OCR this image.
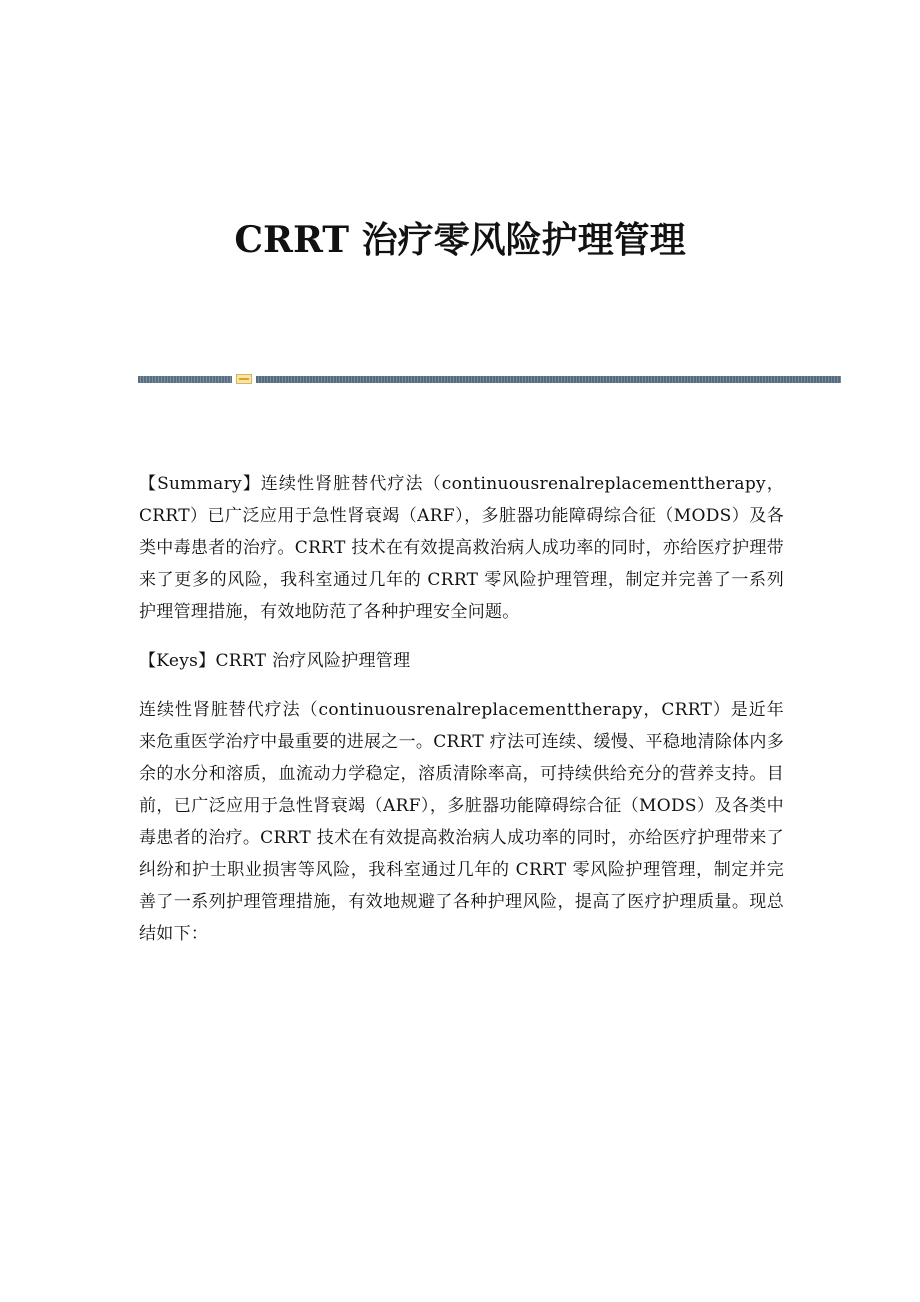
CRRT 治疗零风险护理管理

【Summary】连续性肾脏替代疗法（continuousrenalreplacementtherapy，CRRT）已广泛应用于急性肾衰竭（ARF），多脏器功能障碍综合征（MODS）及各类中毒患者的治疗。CRRT 技术在有效提高救治病人成功率的同时，亦给医疗护理带来了更多的风险，我科室通过几年的 CRRT 零风险护理管理，制定并完善了一系列护理管理措施，有效地防范了各种护理安全问题。

【Keys】CRRT 治疗风险护理管理

连续性肾脏替代疗法（continuousrenalreplacementtherapy，CRRT）是近年来危重医学治疗中最重要的进展之一。CRRT 疗法可连续、缓慢、平稳地清除体内多余的水分和溶质，血流动力学稳定，溶质清除率高，可持续供给充分的营养支持。目前，已广泛应用于急性肾衰竭（ARF），多脏器功能障碍综合征（MODS）及各类中毒患者的治疗。CRRT 技术在有效提高救治病人成功率的同时，亦给医疗护理带来了纠纷和护士职业损害等风险，我科室通过几年的 CRRT 零风险护理管理，制定并完善了一系列护理管理措施，有效地规避了各种护理风险，提高了医疗护理质量。现总结如下：
